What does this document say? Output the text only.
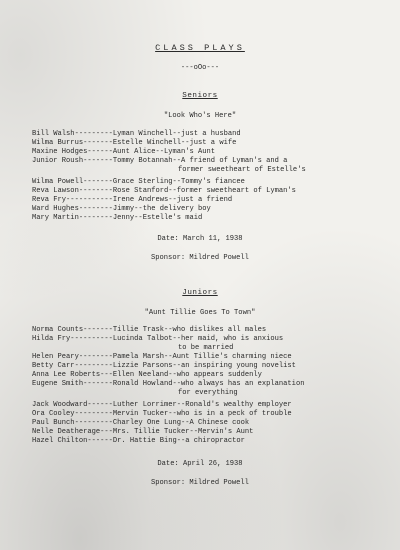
CLASS PLAYS
---oOo---
Seniors
"Look Who's Here"
Bill Walsh---------Lyman Winchell--just a husband
Wilma Burrus-------Estelle Winchell--just a wife
Maxine Hodges------Aunt Alice--Lyman's Aunt
Junior Roush-------Tommy Botannah--A friend of Lyman's and a
former sweetheart of Estelle's
Wilma Powell-------Grace Sterling--Tommy's fiancee
Reva Lawson--------Rose Stanford--former sweetheart of Lyman's
Reva Fry-----------Irene Andrews--just a friend
Ward Hughes--------Jimmy--the delivery boy
Mary Martin--------Jenny--Estelle's maid
Date: March 11, 1938
Sponsor: Mildred Powell
Juniors
"Aunt Tillie Goes To Town"
Norma Counts-------Tillie Trask--who dislikes all males
Hilda Fry----------Lucinda Talbot--her maid, who is anxious
to be married
Helen Peary--------Pamela Marsh--Aunt Tillie's charming niece
Betty Carr---------Lizzie Parsons--an inspiring young novelist
Anna Lee Roberts---Ellen Neeland--who appears suddenly
Eugene Smith-------Ronald Howland--who always has an explanation
for everything
Jack Woodward------Luther Lorrimer--Ronald's wealthy employer
Ora Cooley---------Mervin Tucker--who is in a peck of trouble
Paul Bunch---------Charley One Lung--A Chinese cook
Nelle Deatherage---Mrs. Tillie Tucker--Mervin's Aunt
Hazel Chilton------Dr. Hattie Bing--a chiropractor
Date: April 26, 1938
Sponsor: Mildred Powell
